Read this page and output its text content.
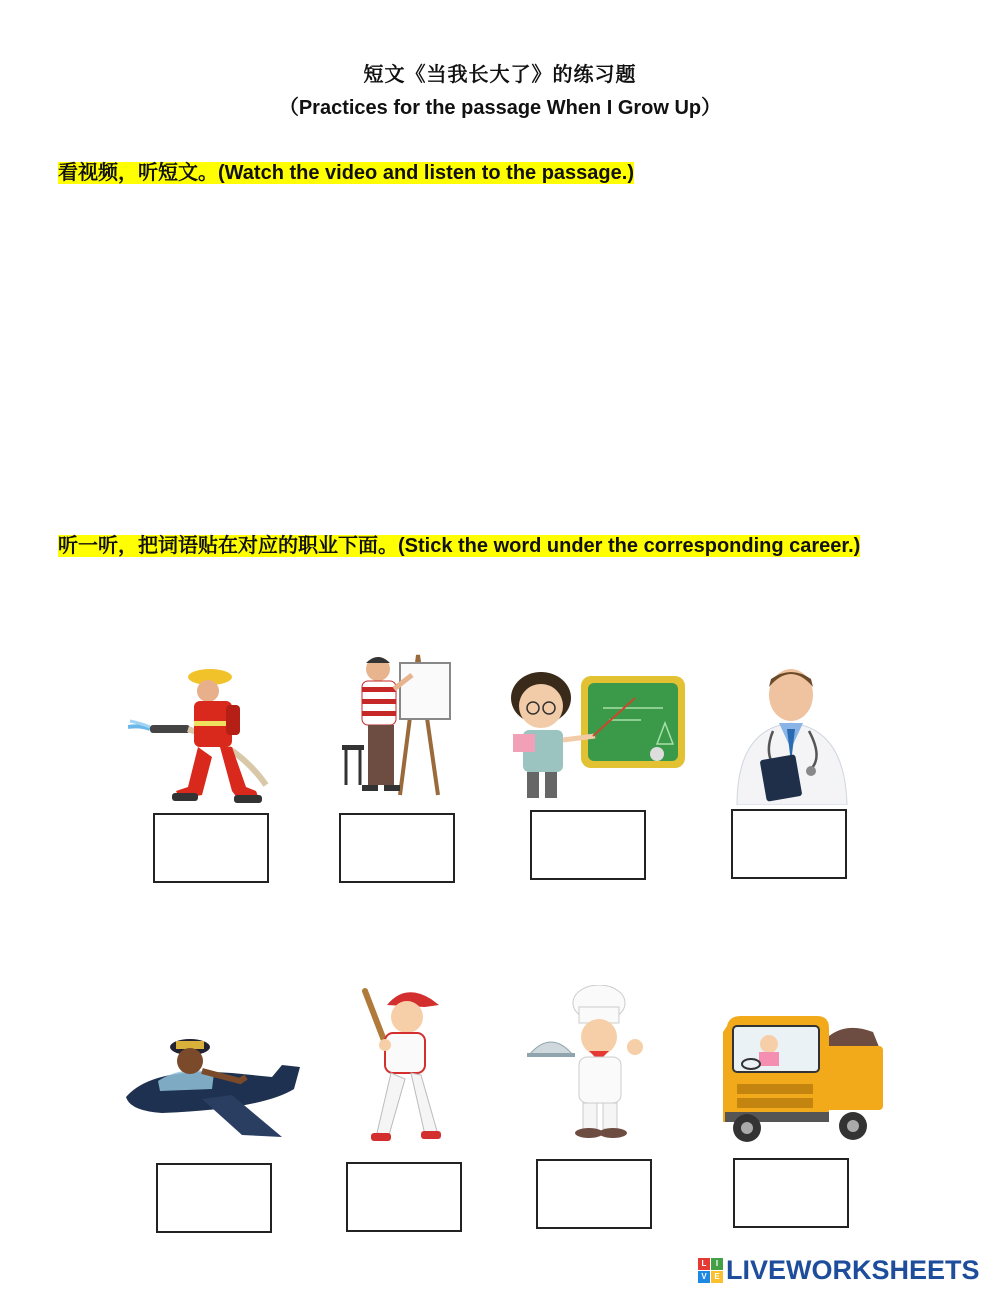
短文《当我长大了》的练习题
（Practices for the passage When I Grow Up）
看视频，听短文。(Watch the video and listen to the passage.)
听一听，把词语贴在对应的职业下面。(Stick the word under the corresponding career.)
L	I
V E LIVEWORKSHEETS
